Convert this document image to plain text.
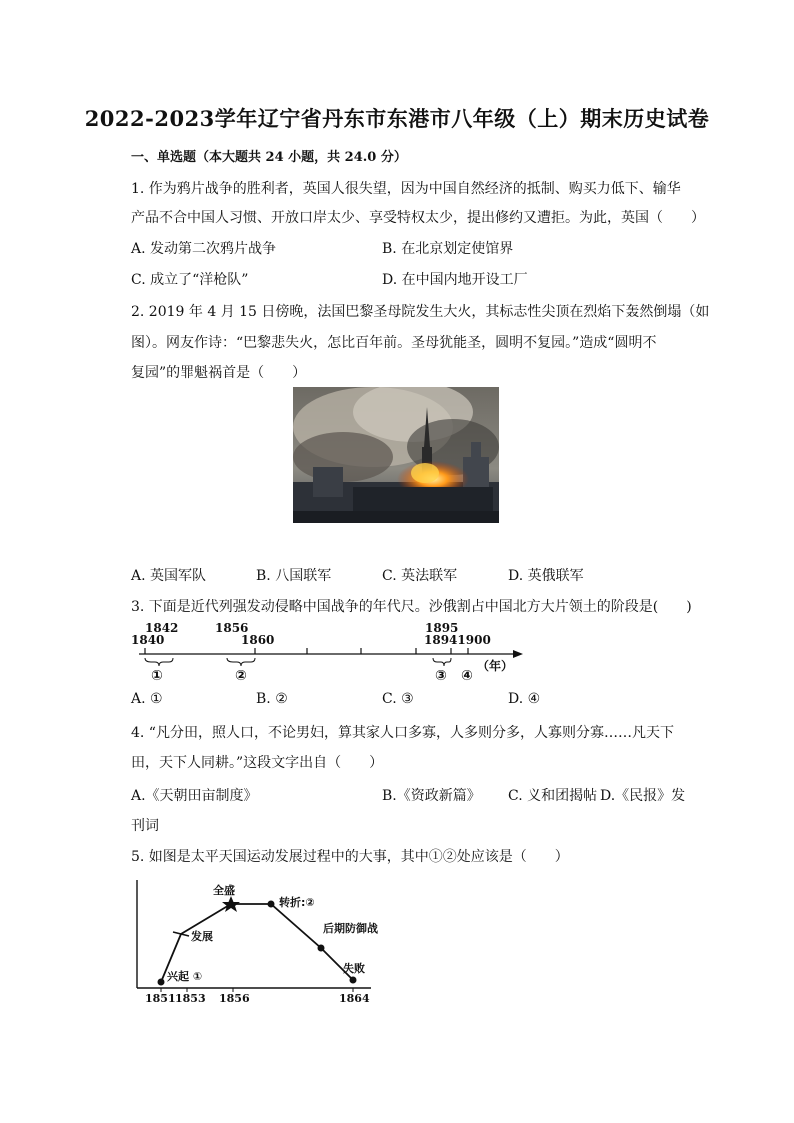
2022-2023学年辽宁省丹东市东港市八年级（上）期末历史试卷
一、单选题（本大题共 24 小题，共 24.0 分）
1. 作为鸦片战争的胜利者，英国人很失望，因为中国自然经济的抵制、购买力低下、输华
产品不合中国人习惯、开放口岸太少、享受特权太少，提出修约又遭拒。为此，英国（　　）
A. 发动第二次鸦片战争	B. 在北京划定使馆界
C. 成立了“洋枪队”	D. 在中国内地开设工厂
2. 2019 年 4 月 15 日傍晚，法国巴黎圣母院发生大火，其标志性尖顶在烈焰下轰然倒塌（如
图）。网友作诗：“巴黎悲失火，怎比百年前。圣母犹能圣，圆明不复园。”造成“圆明不
复园”的罪魁祸首是（　　）
A. 英国军队	B. 八国联军	C. 英法联军	D. 英俄联军
3. 下面是近代列强发动侵略中国战争的年代尺。沙俄割占中国北方大片领土的阶段是(　　)
1842	1856	1895
1840	1860	18941900
①	②	③ ④
（年）
A. ①	B. ②	C. ③	D. ④
4. “凡分田，照人口，不论男妇，算其家人口多寡，人多则分多，人寡则分寡……凡天下
田，天下人同耕。”这段文字出自（　　）
A.《天朝田亩制度》	B.《资政新篇》 C. 义和团揭帖 D.《民报》发
刊词
5. 如图是太平天国运动发展过程中的大事，其中①②处应该是（　　）
兴起 ①
发展
全盛
转折:②
后期防御战
失败
1851 1853 1856	1864
